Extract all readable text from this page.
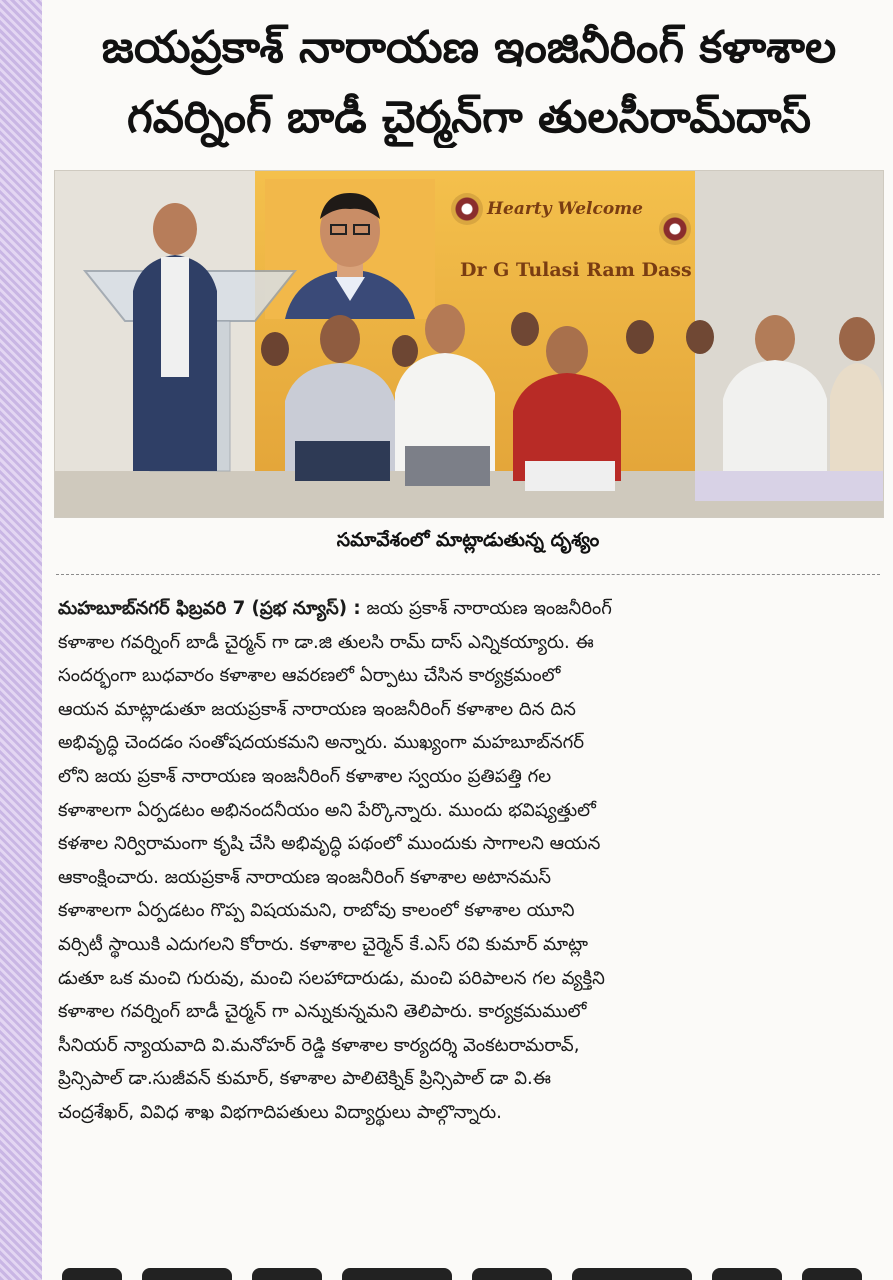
జయప్రకాశ్ నారాయణ ఇంజినీరింగ్ కళాశాల
గవర్నింగ్ బాడీ చైర్మన్‌గా తులసీరామ్‌దాస్
Hearty Welcome
Dr G Tulasi Ram Dass
సమావేశంలో మాట్లాడుతున్న దృశ్యం
మహబూబ్‌నగర్ ఫిబ్రవరి 7 (ప్రభ న్యూస్) : జయ ప్రకాశ్ నారాయణ ఇంజనీరింగ్
కళాశాల గవర్నింగ్ బాడీ చైర్మన్ గా డా.జి తులసి రామ్ దాస్ ఎన్నికయ్యారు. ఈ
సందర్భంగా బుధవారం కళాశాల ఆవరణలో ఏర్పాటు చేసిన కార్యక్రమంలో
ఆయన మాట్లాడుతూ జయప్రకాశ్ నారాయణ ఇంజనీరింగ్ కళాశాల దిన దిన
అభివృద్ధి చెందడం సంతోషదయకమని అన్నారు. ముఖ్యంగా మహబూబ్‌నగర్
లోని జయ ప్రకాశ్ నారాయణ ఇంజనీరింగ్ కళాశాల స్వయం ప్రతిపత్తి గల
కళాశాలగా ఏర్పడటం అభినందనీయం అని పేర్కొన్నారు. ముందు భవిష్యత్తులో
కళశాల నిర్విరామంగా కృషి చేసి అభివృద్ధి పథంలో ముందుకు సాగాలని ఆయన
ఆకాంక్షించారు. జయప్రకాశ్ నారాయణ ఇంజనీరింగ్ కళాశాల అటానమస్
కళాశాలగా ఏర్పడటం గొప్ప విషయమని, రాబోవు కాలంలో కళాశాల యూని
వర్సిటీ స్థాయికి ఎదుగలని కోరారు. కళాశాల చైర్మెన్ కే.ఎస్ రవి కుమార్ మాట్లా
డుతూ ఒక మంచి గురువు, మంచి సలహాదారుడు, మంచి పరిపాలన గల వ్యక్తిని
కళాశాల గవర్నింగ్ బాడీ చైర్మన్ గా ఎన్నుకున్నమని తెలిపారు. కార్యక్రమములో
సీనియర్ న్యాయవాది వి.మనోహర్ రెడ్డి కళాశాల కార్యదర్శి వెంకటరామరావ్,
ప్రిన్సిపాల్ డా.సుజీవన్ కుమార్, కళాశాల పాలిటెక్నిక్ ప్రిన్సిపాల్ డా వి.ఈ
చంద్రశేఖర్, వివిధ శాఖ విభగాదిపతులు విద్యార్థులు పాల్గొన్నారు.
